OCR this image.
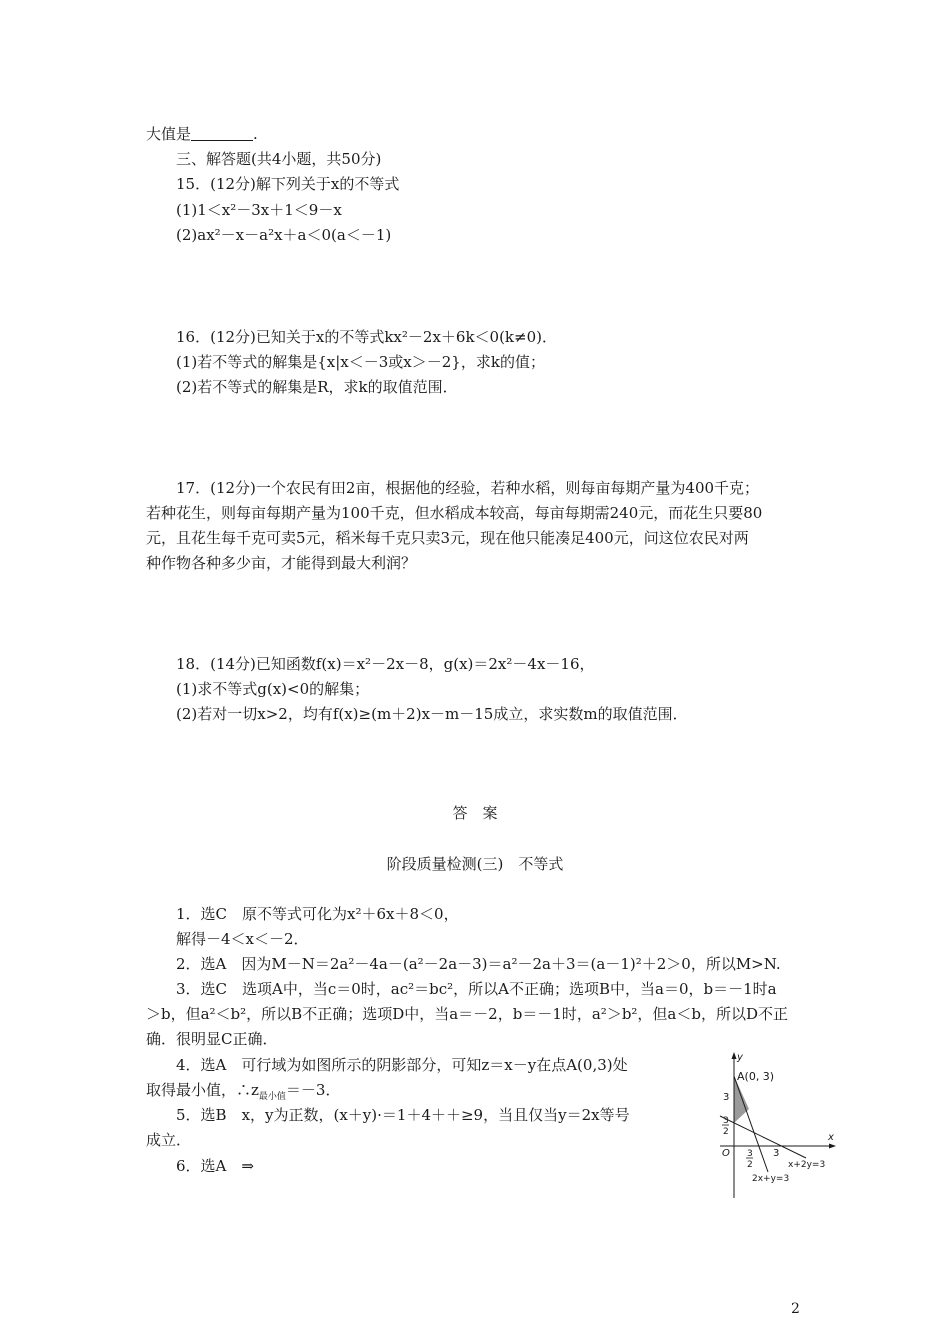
大值是	.
三、解答题(共4小题，共50分)
15．(12分)解下列关于x的不等式
(1)1＜x²－3x＋1＜9－x
(2)ax²－x－a²x＋a＜0(a＜－1)
16．(12分)已知关于x的不等式kx²－2x＋6k＜0(k≠0)．
(1)若不等式的解集是{x|x＜－3或x＞－2}，求k的值；
(2)若不等式的解集是R，求k的取值范围．
17．(12分)一个农民有田2亩，根据他的经验，若种水稻，则每亩每期产量为400千克；
若种花生，则每亩每期产量为100千克，但水稻成本较高，每亩每期需240元，而花生只要80
元，且花生每千克可卖5元，稻米每千克只卖3元，现在他只能凑足400元，问这位农民对两
种作物各种多少亩，才能得到最大利润？
18．(14分)已知函数f(x)＝x²－2x－8，g(x)＝2x²－4x－16，
(1)求不等式g(x)<0的解集；
(2)若对一切x>2，均有f(x)≥(m＋2)x－m－15成立，求实数m的取值范围．
答　案
阶段质量检测(三)　不等式
1．选C　原不等式可化为x²＋6x＋8＜0，
解得－4＜x＜－2．
2．选A　因为M－N＝2a²－4a－(a²－2a－3)＝a²－2a＋3＝(a－1)²＋2＞0，所以M>N.
3．选C　选项A中，当c＝0时，ac²＝bc²，所以A不正确；选项B中，当a＝0，b＝－1时a
＞b，但a²＜b²，所以B不正确；选项D中，当a＝－2，b＝－1时，a²＞b²，但a＜b，所以D不正
确．很明显C正确．
4．选A　可行域为如图所示的阴影部分，可知z＝x－y在点A(0,3)处
取得最小值，$\therefore z_{最小值}=-3$．
5．选B　x，y为正数，(x＋y)·＝1＋4＋＋≥9，当且仅当y＝2x等号
成立．
6．选A　⇒
y
x
A(0, 3)
3
3
2
O 3
2
3
x+2y=3
2x+y=3
2
